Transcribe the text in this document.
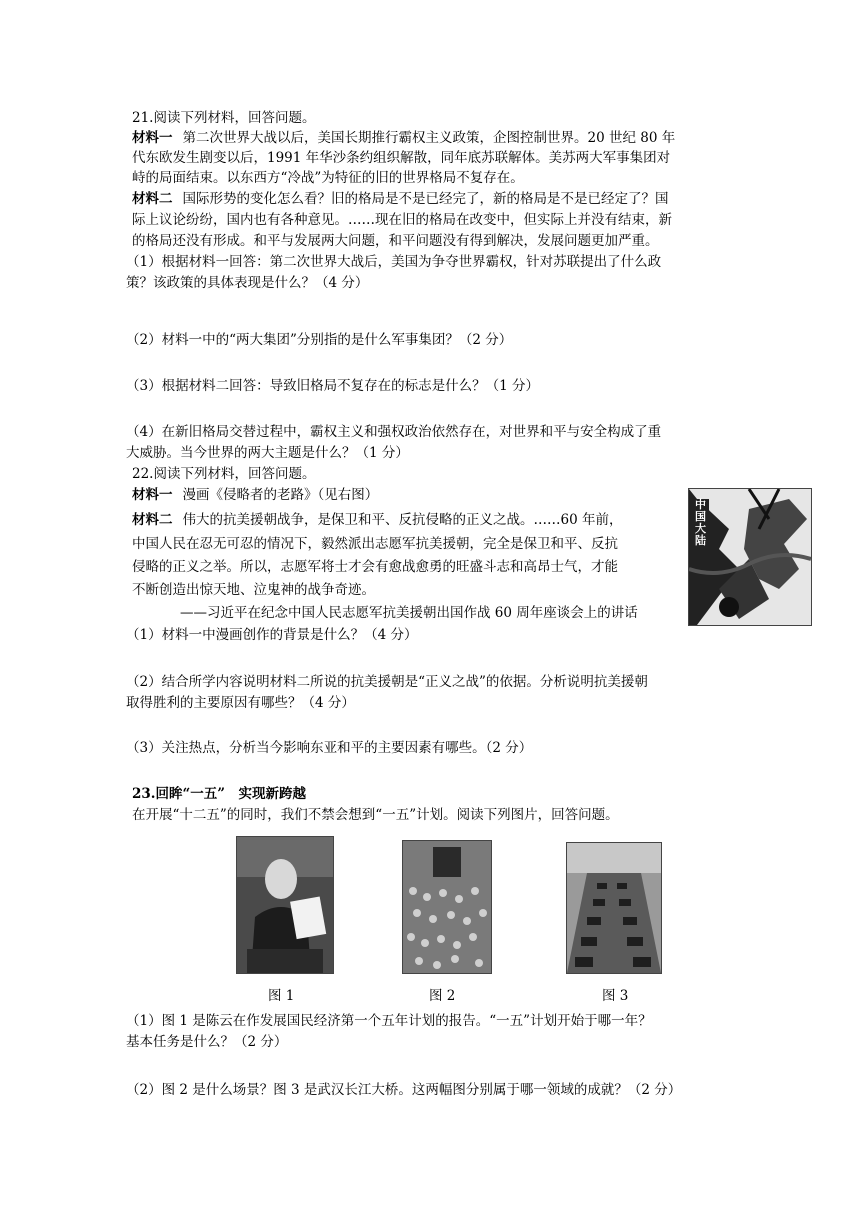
21.阅读下列材料，回答问题。
材料一 第二次世界大战以后，美国长期推行霸权主义政策，企图控制世界。20 世纪 80 年
代东欧发生剧变以后，1991 年华沙条约组织解散，同年底苏联解体。美苏两大军事集团对
峙的局面结束。以东西方“冷战”为特征的旧的世界格局不复存在。
材料二 国际形势的变化怎么看？旧的格局是不是已经完了，新的格局是不是已经定了？国
际上议论纷纷，国内也有各种意见。……现在旧的格局在改变中，但实际上并没有结束，新
的格局还没有形成。和平与发展两大问题，和平问题没有得到解决，发展问题更加严重。
（1）根据材料一回答：第二次世界大战后，美国为争夺世界霸权，针对苏联提出了什么政
策？该政策的具体表现是什么？（4 分）
（2）材料一中的“两大集团”分别指的是什么军事集团？（2 分）
（3）根据材料二回答：导致旧格局不复存在的标志是什么？（1 分）
（4）在新旧格局交替过程中，霸权主义和强权政治依然存在，对世界和平与安全构成了重
大威胁。当今世界的两大主题是什么？（1 分）
22.阅读下列材料，回答问题。
材料一 漫画《侵略者的老路》（见右图）
材料二 伟大的抗美援朝战争，是保卫和平、反抗侵略的正义之战。……60 年前，
中国人民在忍无可忍的情况下，毅然派出志愿军抗美援朝，完全是保卫和平、反抗
侵略的正义之举。所以，志愿军将士才会有愈战愈勇的旺盛斗志和高昂士气，才能
不断创造出惊天地、泣鬼神的战争奇迹。
——习近平在纪念中国人民志愿军抗美援朝出国作战 60 周年座谈会上的讲话
中国大陆
（1）材料一中漫画创作的背景是什么？（4 分）
（2）结合所学内容说明材料二所说的抗美援朝是“正义之战”的依据。分析说明抗美援朝
取得胜利的主要原因有哪些？（4 分）
（3）关注热点，分析当今影响东亚和平的主要因素有哪些。（2 分）
23.回眸“一五”　实现新跨越
在开展“十二五”的同时，我们不禁会想到“一五”计划。阅读下列图片，回答问题。
图 1	图 2	图 3
（1）图 1 是陈云在作发展国民经济第一个五年计划的报告。“一五”计划开始于哪一年？
基本任务是什么？（2 分）
（2）图 2 是什么场景？图 3 是武汉长江大桥。这两幅图分别属于哪一领域的成就？（2 分）
